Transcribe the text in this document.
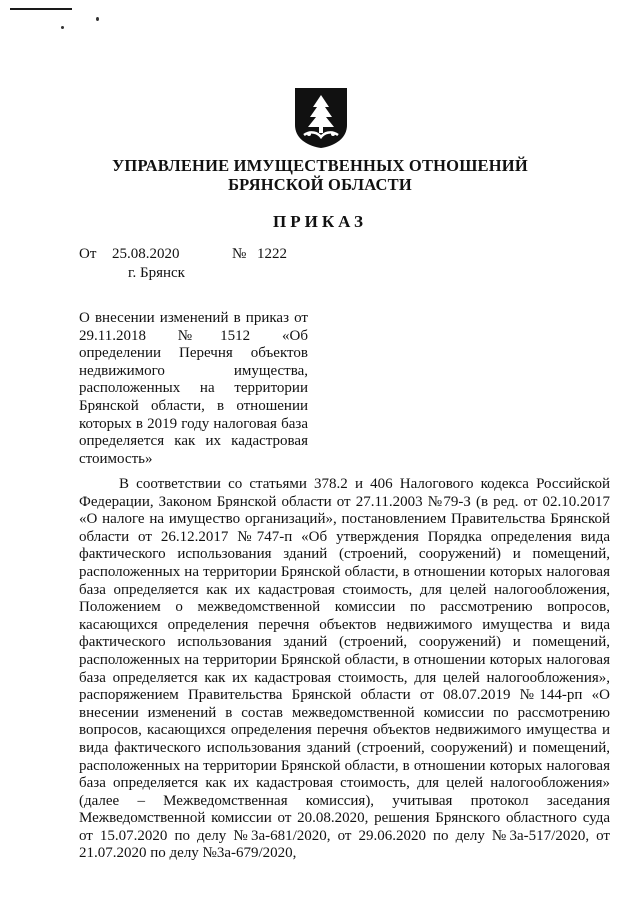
УПРАВЛЕНИЕ ИМУЩЕСТВЕННЫХ ОТНОШЕНИЙ
БРЯНСКОЙ ОБЛАСТИ
ПРИКАЗ
От 25.08.2020	№ 1222
г. Брянск
О внесении изменений в приказ от 29.11.2018 №1512 «Об определении Перечня объектов недвижимого имущества, расположенных на территории Брянской области, в отношении которых в 2019 году налоговая база определяется как их кадастровая стоимость»
В соответствии со статьями 378.2 и 406 Налогового кодекса Российской Федерации, Законом Брянской области от 27.11.2003 №79-З (в ред. от 02.10.2017 «О налоге на имущество организаций», постановлением Правительства Брянской области от 26.12.2017 №747-п «Об утверждения Порядка определения вида фактического использования зданий (строений, сооружений) и помещений, расположенных на территории Брянской области, в отношении которых налоговая база определяется как их кадастровая стоимость, для целей налогообложения, Положением о межведомственной комиссии по рассмотрению вопросов, касающихся определения перечня объектов недвижимого имущества и вида фактического использования зданий (строений, сооружений) и помещений, расположенных на территории Брянской области, в отношении которых налоговая база определяется как их кадастровая стоимость, для целей налогообложения», распоряжением Правительства Брянской области от 08.07.2019 №144-рп «О внесении изменений в состав межведомственной комиссии по рассмотрению вопросов, касающихся определения перечня объектов недвижимого имущества и вида фактического использования зданий (строений, сооружений) и помещений, расположенных на территории Брянской области, в отношении которых налоговая база определяется как их кадастровая стоимость, для целей налогообложения» (далее – Межведомственная комиссия), учитывая протокол заседания Межведомственной комиссии от 20.08.2020, решения Брянского областного суда от 15.07.2020 по делу №3а-681/2020, от 29.06.2020 по делу №3а-517/2020, от 21.07.2020 по делу №3а-679/2020,
